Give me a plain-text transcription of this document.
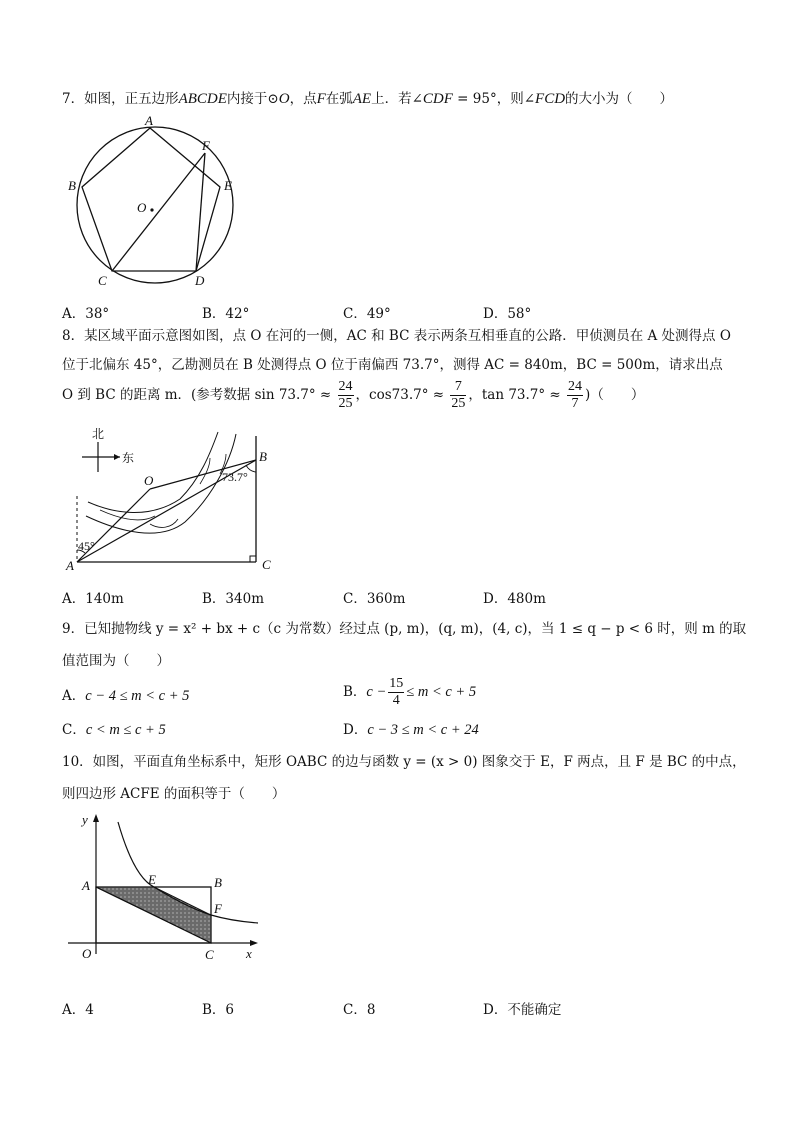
7．如图，正五边形ABCDE内接于⊙O，点F在弧AE上．若∠CDF = 95°，则∠FCD的大小为（　　）
A
B
C	D
E
F
O
A．38°	B．42°	C．49°	D．58°
8．某区域平面示意图如图，点 O 在河的一侧，AC 和 BC 表示两条互相垂直的公路．甲侦测员在 A 处测得点 O
位于北偏东 45°，乙勘测员在 B 处测得点 O 位于南偏西 73.7°，测得 AC = 840m，BC = 500m，请求出点
O 到 BC 的距离 m．(参考数据 $\sin 73.7^\circ \approx \frac{24}{25}$ ，$\cos 73.7^\circ \approx \frac{7}{25}$ ，$\tan 73.7^\circ \approx \frac{24}{7}$ )（　　）
北
东
O
B
A	C
73.7°
45°
A．140m	B．340m	C．360m	D．480m
9．已知抛物线 y = x² + bx + c（c 为常数）经过点 (p, m)，(q, m)，(4, c)，当 1 ≤ q − p < 6 时，则 m 的取
值范围为（　　）
A．c − 4 ≤ m < c + 5	B．$c - \frac{15}{4} \le m < c + 5$
C．c < m ≤ c + 5	D．c − 3 ≤ m < c + 24
10．如图，平面直角坐标系中，矩形 OABC 的边与函数 y = (x > 0) 图象交于 E，F 两点，且 F 是 BC 的中点，
则四边形 ACFE 的面积等于（　　）
y
x
A	E	B
F
O	C
A．4	B．6	C．8	D．不能确定
